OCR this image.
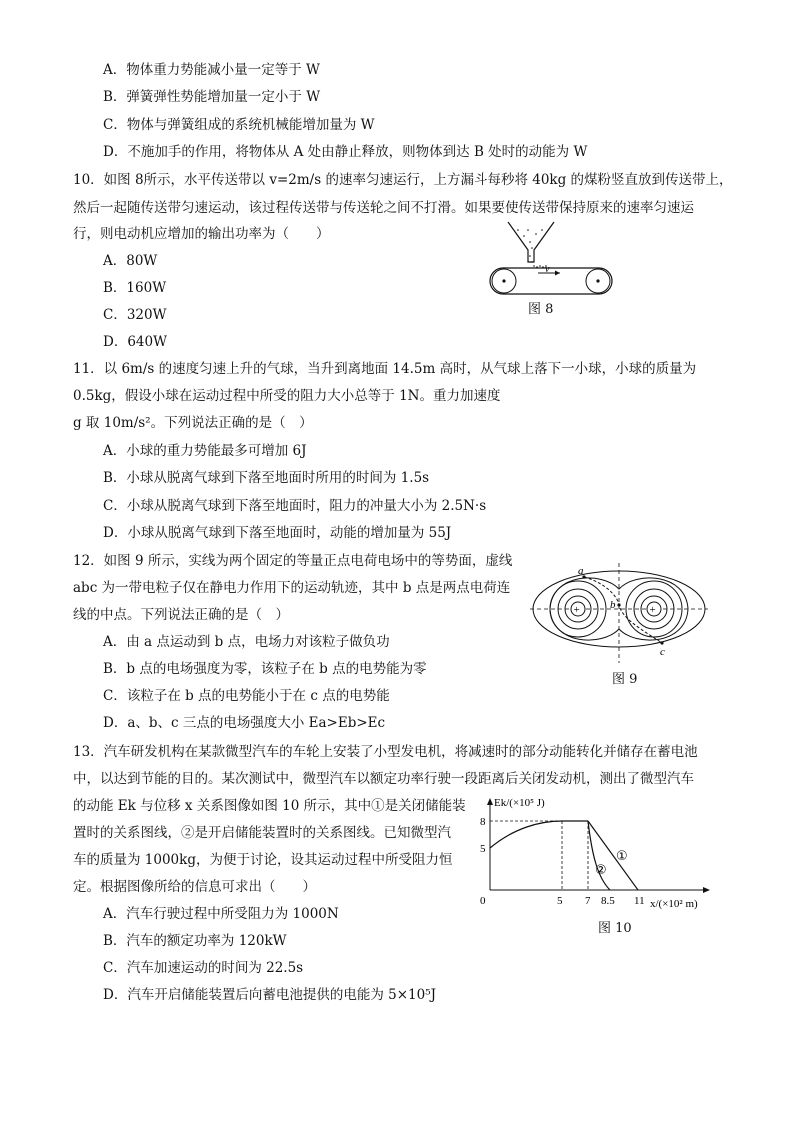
A．物体重力势能减小量一定等于 W
B．弹簧弹性势能增加量一定小于 W
C．物体与弹簧组成的系统机械能增加量为 W
D．不施加手的作用，将物体从 A 处由静止释放，则物体到达 B 处时的动能为 W
10．如图 8所示，水平传送带以 v=2m/s 的速率匀速运行，上方漏斗每秒将 40kg 的煤粉竖直放到传送带上，
然后一起随传送带匀速运动，该过程传送带与传送轮之间不打滑。如果要使传送带保持原来的速率匀速运
行，则电动机应增加的输出功率为（　　）
A．80W
B．160W
C．320W
D．640W
v
图 8
11．以 6m/s 的速度匀速上升的气球，当升到离地面 14.5m 高时，从气球上落下一小球，小球的质量为
0.5kg，假设小球在运动过程中所受的阻力大小总等于 1N。重力加速度
g 取 10m/s²。下列说法正确的是（　）
A．小球的重力势能最多可增加 6J
B．小球从脱离气球到下落至地面时所用的时间为 1.5s
C．小球从脱离气球到下落至地面时，阻力的冲量大小为 2.5N·s
D．小球从脱离气球到下落至地面时，动能的增加量为 55J
12．如图 9 所示，实线为两个固定的等量正点电荷电场中的等势面，虚线
abc 为一带电粒子仅在静电力作用下的运动轨迹，其中 b 点是两点电荷连
线的中点。下列说法正确的是（　）
A．由 a 点运动到 b 点，电场力对该粒子做负功
B．b 点的电场强度为零，该粒子在 b 点的电势能为零
C．该粒子在 b 点的电势能小于在 c 点的电势能
D．a、b、c 三点的电场强度大小 Ea>Eb>Ec
+	+
a
b
c
图 9
13．汽车研发机构在某款微型汽车的车轮上安装了小型发电机，将减速时的部分动能转化并储存在蓄电池
中，以达到节能的目的。某次测试中，微型汽车以额定功率行驶一段距离后关闭发动机，测出了微型汽车
的动能 Ek 与位移 x 关系图像如图 10 所示，其中①是关闭储能装
置时的关系图线，②是开启储能装置时的关系图线。已知微型汽
车的质量为 1000kg，为便于讨论，设其运动过程中所受阻力恒
定。根据图像所给的信息可求出（　　）
A．汽车行驶过程中所受阻力为 1000N
B．汽车的额定功率为 120kW
C．汽车加速运动的时间为 22.5s
D．汽车开启储能装置后向蓄电池提供的电能为 5×10⁵J
Ek/(×10⁵ J)
x/(×10² m)
0
8
5
5 7 8.5 11
①
②
图 10
